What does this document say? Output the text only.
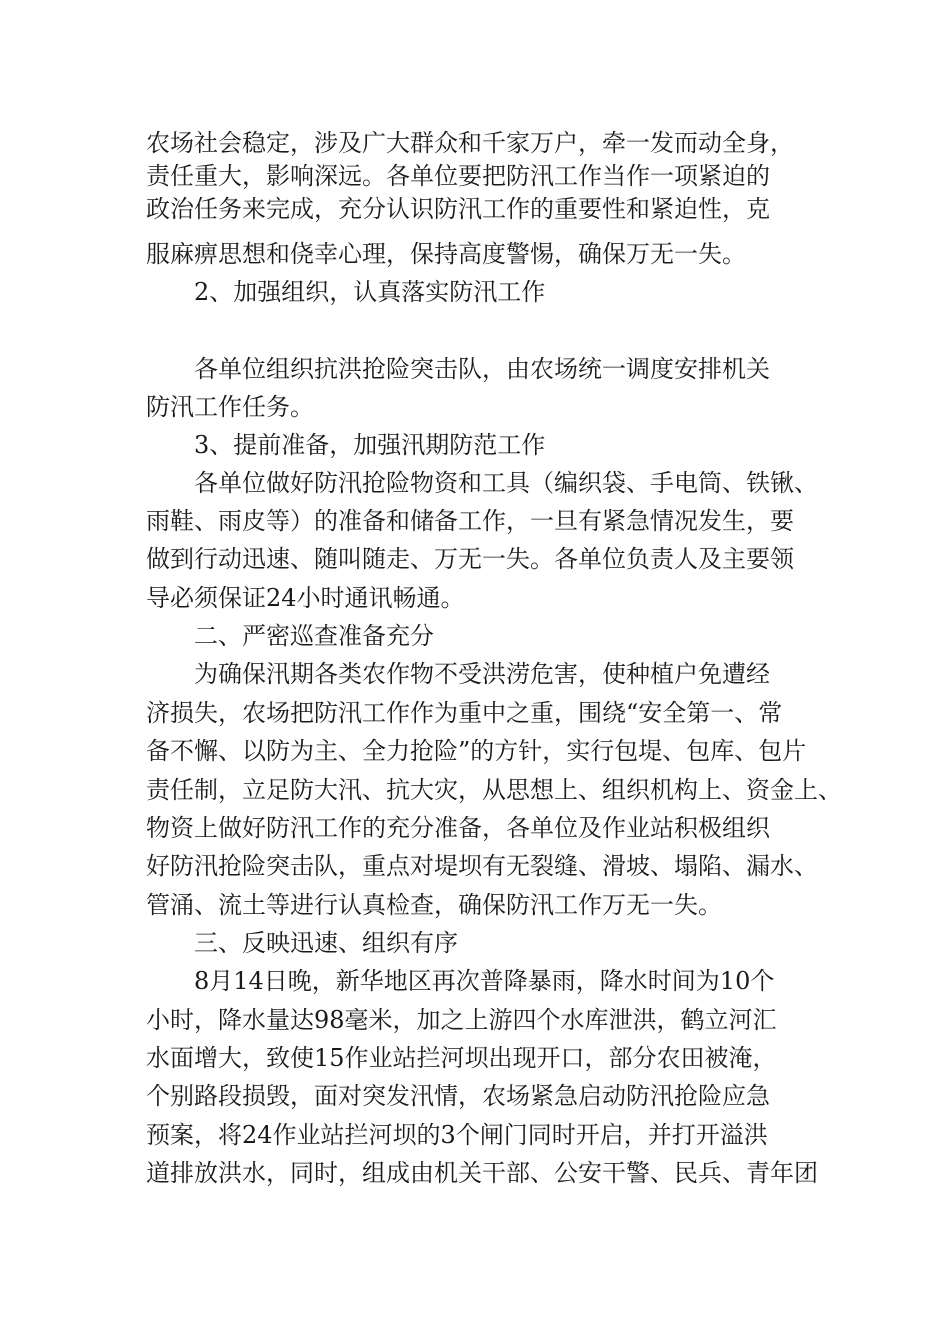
农场社会稳定，涉及广大群众和千家万户，牵一发而动全身，
责任重大，影响深远。各单位要把防汛工作当作一项紧迫的
政治任务来完成，充分认识防汛工作的重要性和紧迫性，克
服麻痹思想和侥幸心理，保持高度警惕，确保万无一失。
2、加强组织，认真落实防汛工作
各单位组织抗洪抢险突击队，由农场统一调度安排机关
防汛工作任务。
3、提前准备，加强汛期防范工作
各单位做好防汛抢险物资和工具（编织袋、手电筒、铁锹、
雨鞋、雨皮等）的准备和储备工作，一旦有紧急情况发生，要
做到行动迅速、随叫随走、万无一失。各单位负责人及主要领
导必须保证24小时通讯畅通。
二、严密巡查准备充分
为确保汛期各类农作物不受洪涝危害，使种植户免遭经
济损失，农场把防汛工作作为重中之重，围绕“安全第一、常
备不懈、以防为主、全力抢险”的方针，实行包堤、包库、包片
责任制，立足防大汛、抗大灾，从思想上、组织机构上、资金上、
物资上做好防汛工作的充分准备，各单位及作业站积极组织
好防汛抢险突击队，重点对堤坝有无裂缝、滑坡、塌陷、漏水、
管涌、流土等进行认真检查，确保防汛工作万无一失。
三、反映迅速、组织有序
8月14日晚，新华地区再次普降暴雨，降水时间为10个
小时，降水量达98毫米，加之上游四个水库泄洪，鹤立河汇
水面增大，致使15作业站拦河坝出现开口，部分农田被淹，
个别路段损毁，面对突发汛情，农场紧急启动防汛抢险应急
预案，将24作业站拦河坝的3个闸门同时开启，并打开溢洪
道排放洪水，同时，组成由机关干部、公安干警、民兵、青年团
